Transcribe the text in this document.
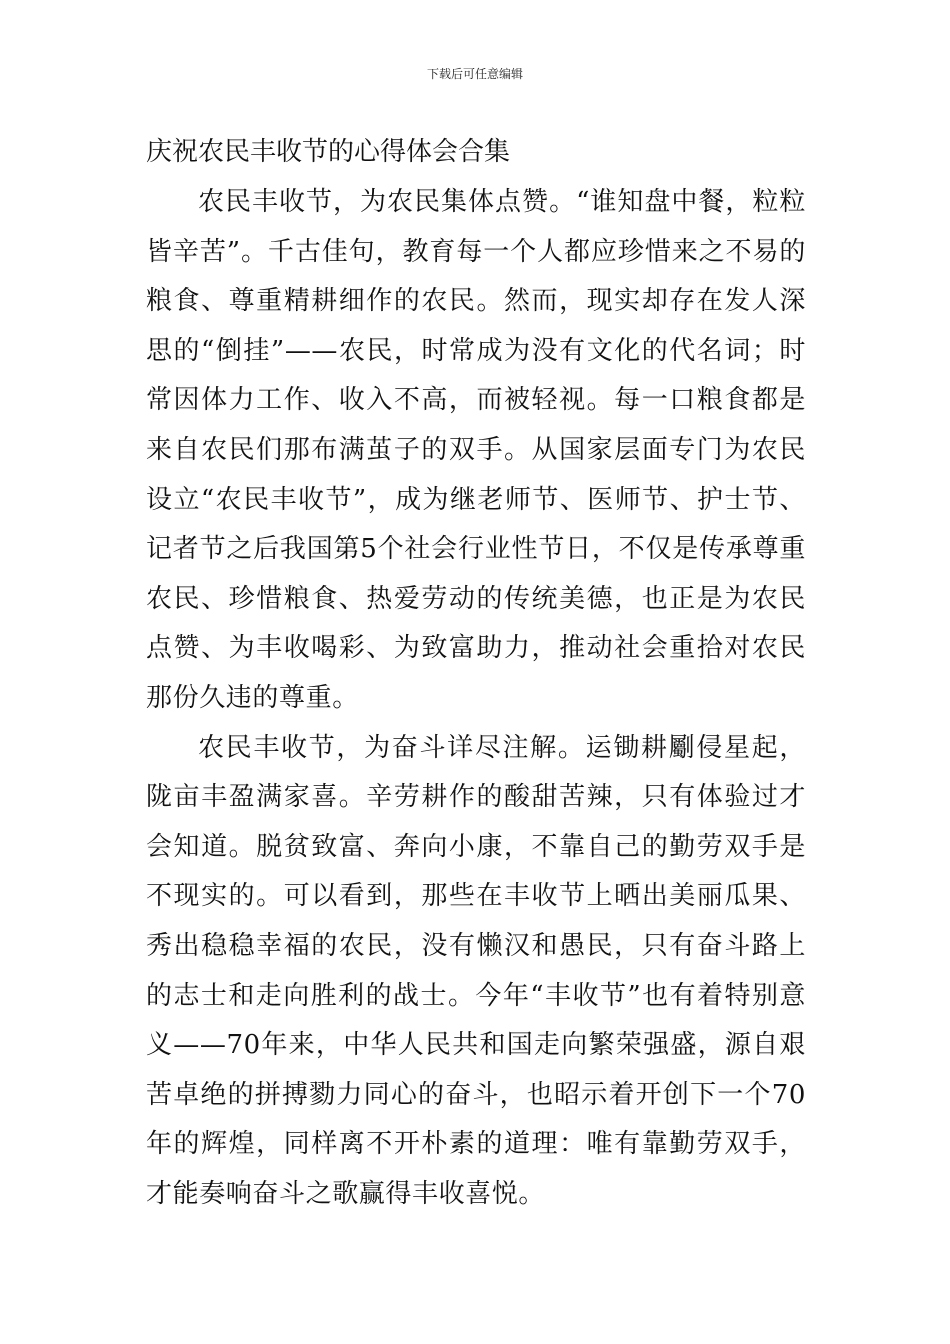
下载后可任意编辑
庆祝农民丰收节的心得体会合集

农民丰收节，为农民集体点赞。“谁知盘中餐，粒粒皆辛苦”。千古佳句，教育每一个人都应珍惜来之不易的粮食、尊重精耕细作的农民。然而，现实却存在发人深思的“倒挂”——农民，时常成为没有文化的代名词；时常因体力工作、收入不高，而被轻视。每一口粮食都是来自农民们那布满茧子的双手。从国家层面专门为农民设立“农民丰收节”，成为继老师节、医师节、护士节、记者节之后我国第5个社会行业性节日，不仅是传承尊重农民、珍惜粮食、热爱劳动的传统美德，也正是为农民点赞、为丰收喝彩、为致富助力，推动社会重拾对农民那份久违的尊重。

农民丰收节，为奋斗详尽注解。运锄耕劚侵星起，陇亩丰盈满家喜。辛劳耕作的酸甜苦辣，只有体验过才会知道。脱贫致富、奔向小康，不靠自己的勤劳双手是不现实的。可以看到，那些在丰收节上晒出美丽瓜果、秀出稳稳幸福的农民，没有懒汉和愚民，只有奋斗路上的志士和走向胜利的战士。今年“丰收节”也有着特别意义——70年来，中华人民共和国走向繁荣强盛，源自艰苦卓绝的拼搏勠力同心的奋斗，也昭示着开创下一个70年的辉煌，同样离不开朴素的道理：唯有靠勤劳双手，才能奏响奋斗之歌赢得丰收喜悦。
